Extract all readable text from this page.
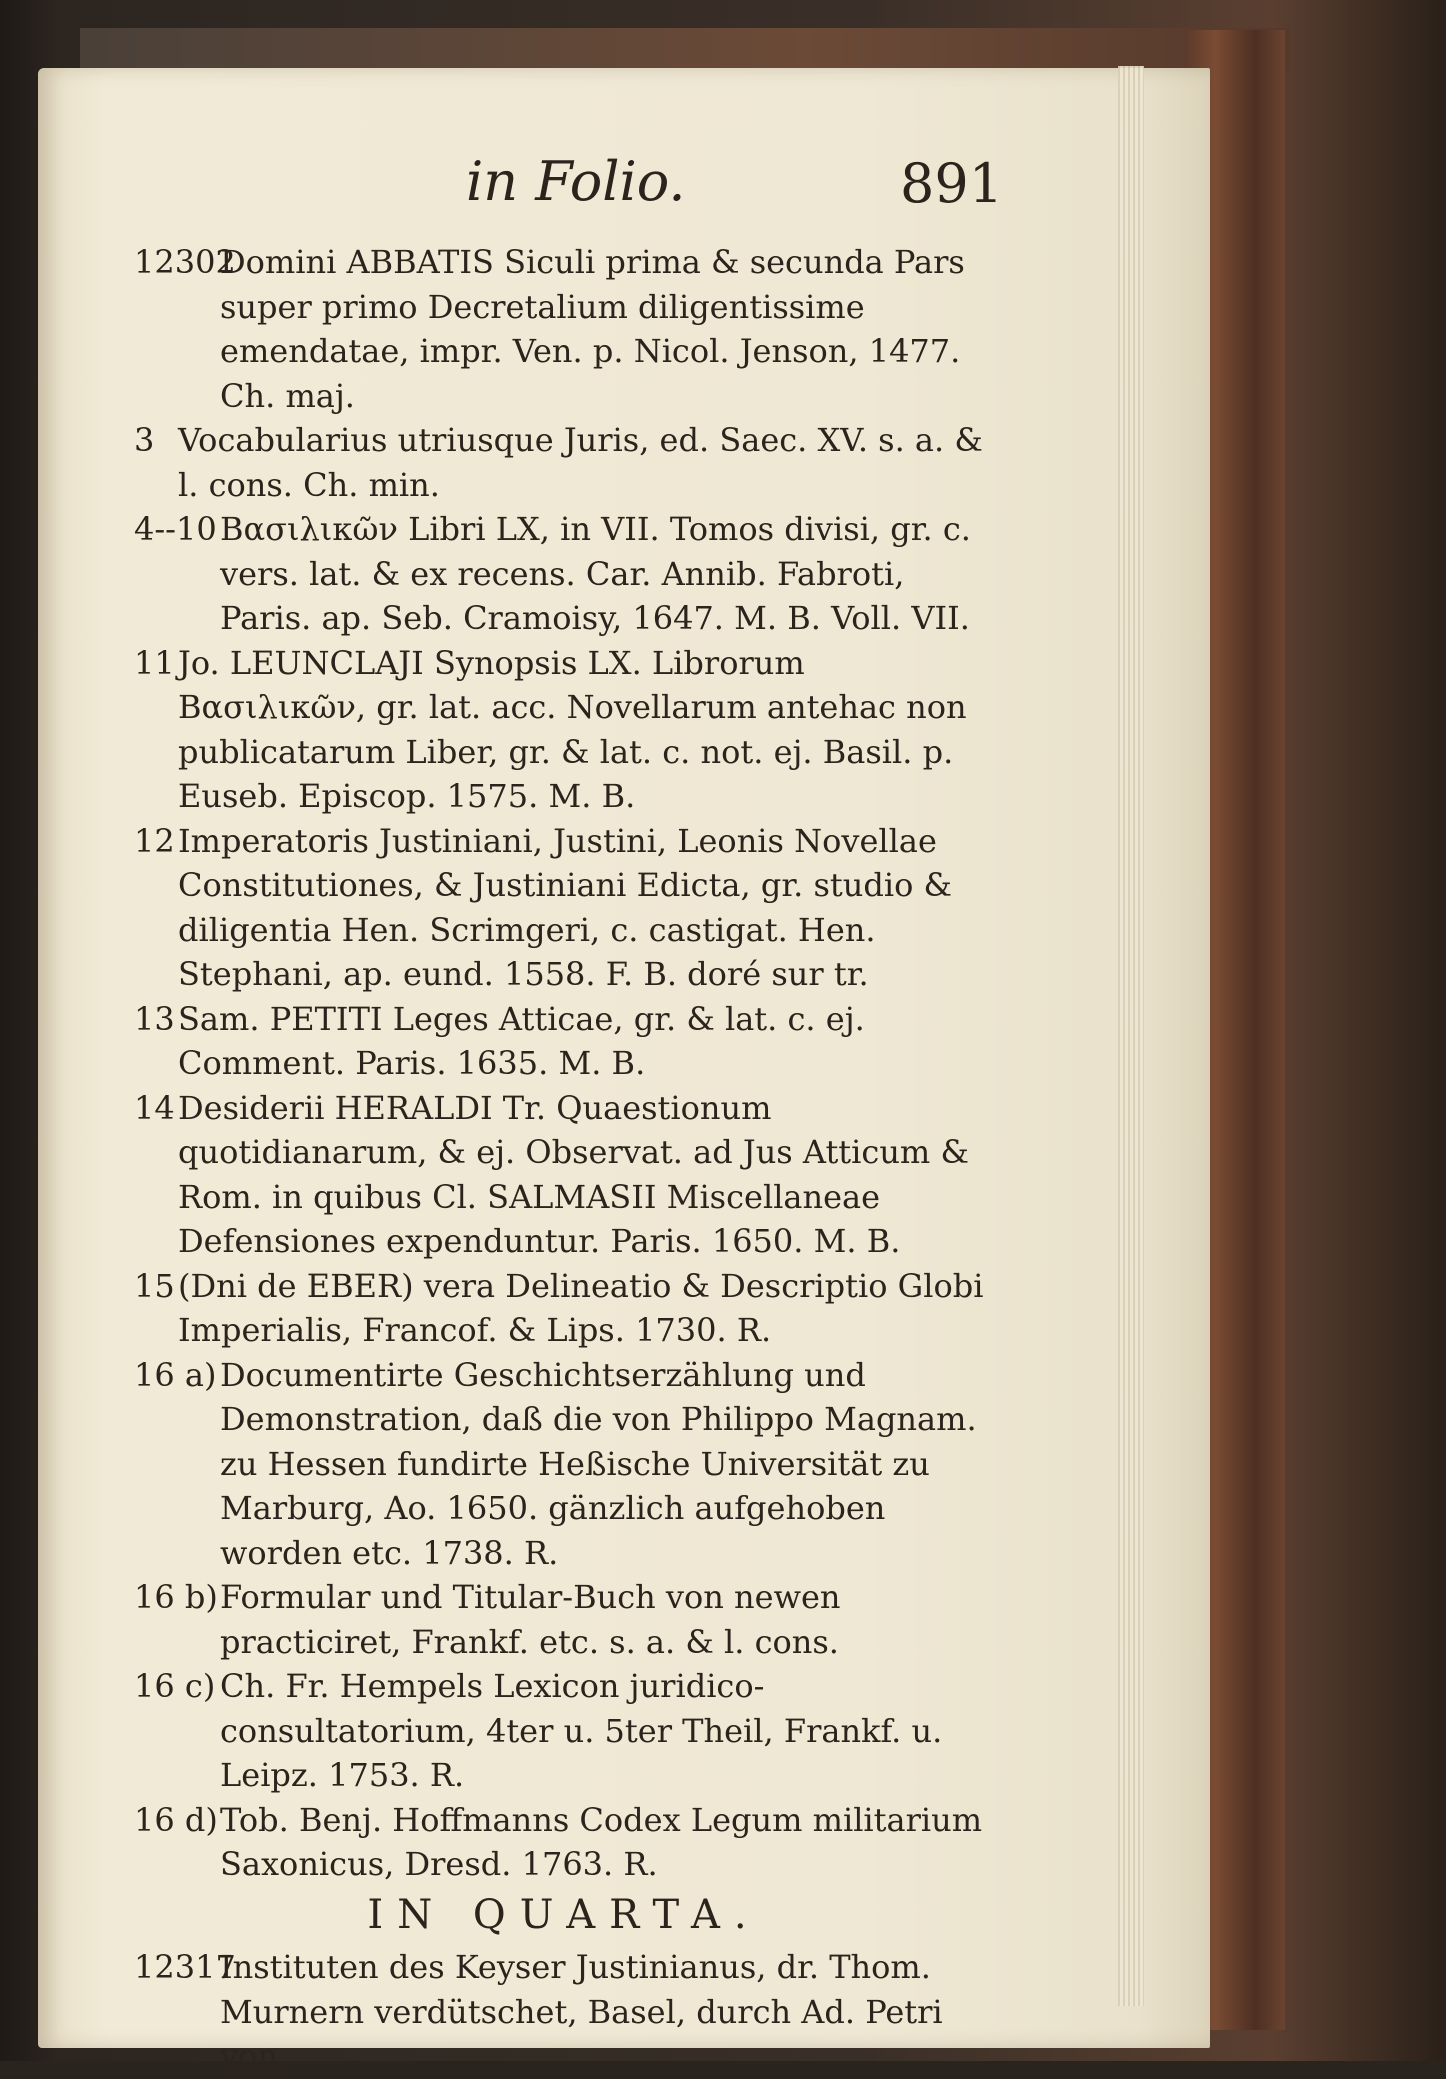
in Folio.	891
12302
Domini ABBATIS Siculi prima & secunda Pars super primo Decretalium diligentissime emendatae, impr. Ven. p. Nicol. Jenson, 1477. Ch. maj.
3 Vocabularius utriusque Juris, ed. Saec. XV. s. a. & l. cons. Ch. min.
4--10 Βασιλικῶν Libri LX, in VII. Tomos divisi, gr. c. vers. lat. & ex recens. Car. Annib. Fabroti, Paris. ap. Seb. Cramoisy, 1647. M. B. Voll. VII.
11 Jo. LEUNCLAJI Synopsis LX. Librorum Βασιλικῶν, gr. lat. acc. Novellarum antehac non publicatarum Liber, gr. & lat. c. not. ej. Basil. p. Euseb. Episcop. 1575. M. B.
12 Imperatoris Justiniani, Justini, Leonis Novellae Constitutiones, & Justiniani Edicta, gr. studio & diligentia Hen. Scrimgeri, c. castigat. Hen. Stephani, ap. eund. 1558. F. B. doré sur tr.
13 Sam. PETITI Leges Atticae, gr. & lat. c. ej. Comment. Paris. 1635. M. B.
14 Desiderii HERALDI Tr. Quaestionum quotidianarum, & ej. Observat. ad Jus Atticum & Rom. in quibus Cl. SALMASII Miscellaneae Defensiones expenduntur. Paris. 1650. M. B.
15 (Dni de EBER) vera Delineatio & Descriptio Globi Imperialis, Francof. & Lips. 1730. R.
16 a) Documentirte Geschichtserzählung und Demonstration, daß die von Philippo Magnam. zu Hessen fundirte Heßische Universität zu Marburg, Ao. 1650. gänzlich aufgehoben worden etc. 1738. R.
16 b) Formular und Titular-Buch von newen practiciret, Frankf. etc. s. a. & l. cons.
16 c) Ch. Fr. Hempels Lexicon juridico-consultatorium, 4ter u. 5ter Theil, Frankf. u. Leipz. 1753. R.
16 d) Tob. Benj. Hoffmanns Codex Legum militarium Saxonicus, Dresd. 1763. R.
IN QUARTA.
12317
Instituten des Keyser Justinianus, dr. Thom. Murnern verdütschet, Basel, durch Ad. Petri von
